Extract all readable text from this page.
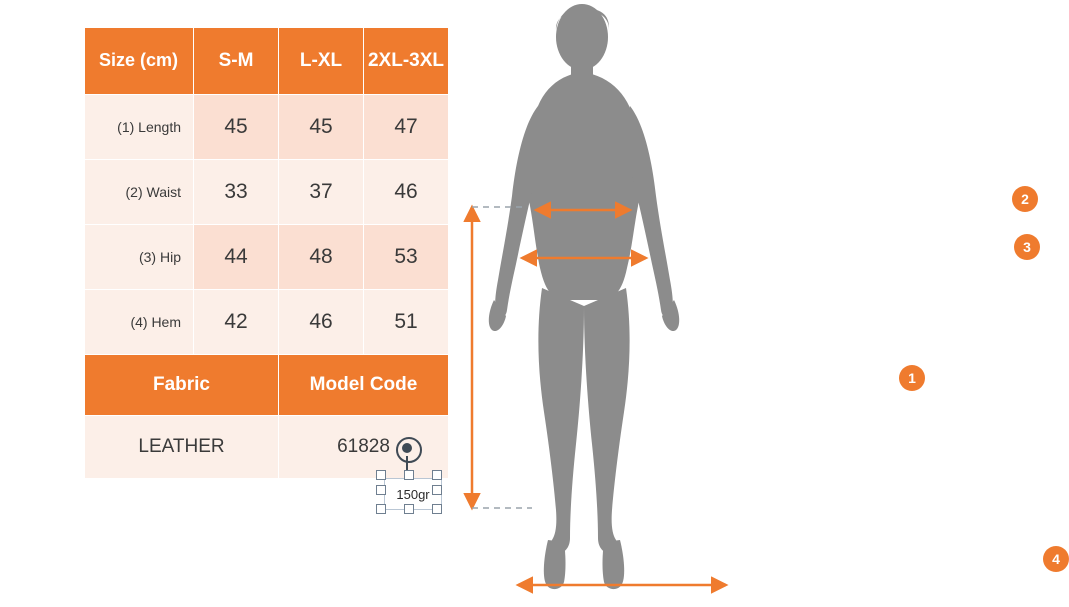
Size (cm)	S-M	L-XL	2XL-3XL
(1) Length	45	45	47
(2) Waist	33	37	46
(3) Hip	44	48	53
(4) Hem	42	46	51
Fabric		Model Code	
LEATHER		61828	
150gr
1
2
3
4
